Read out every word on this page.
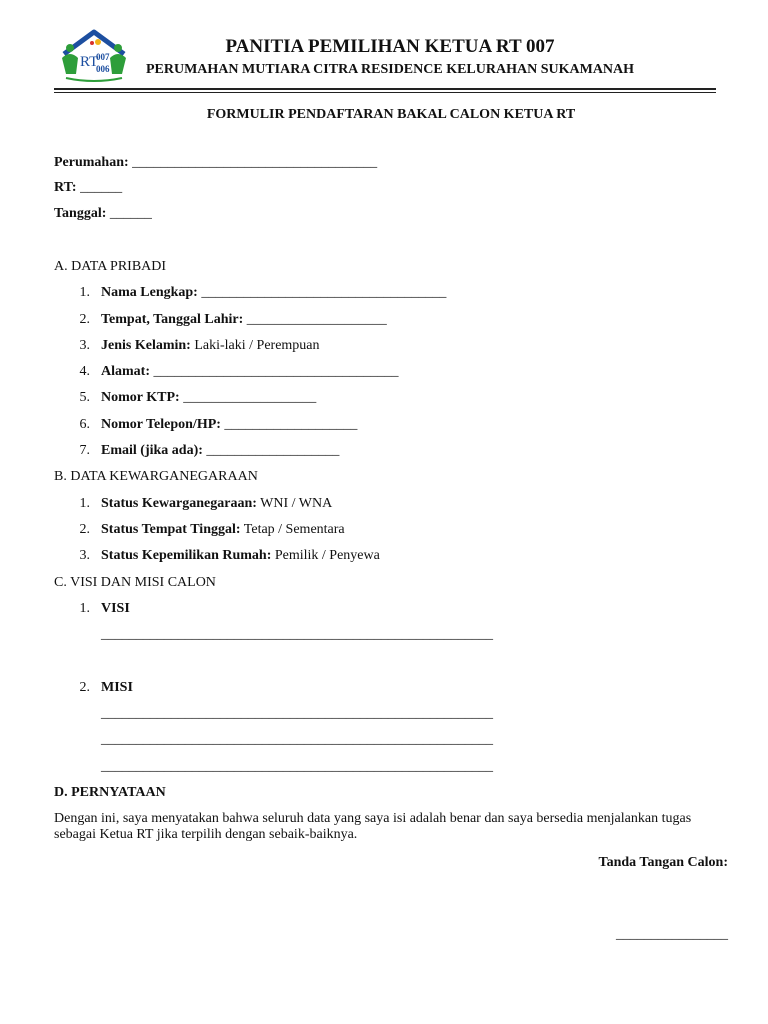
RT
007
006
PANITIA PEMILIHAN KETUA RT 007
PERUMAHAN MUTIARA CITRA RESIDENCE KELURAHAN SUKAMANAH
FORMULIR PENDAFTARAN BAKAL CALON KETUA RT
Perumahan: ___________________________________
RT: ______
Tanggal: ______
A. DATA PRIBADI
1. Nama Lengkap: ___________________________________
2. Tempat, Tanggal Lahir: ____________________
3. Jenis Kelamin: Laki-laki / Perempuan
4. Alamat: ___________________________________
5. Nomor KTP: ___________________
6. Nomor Telepon/HP: ___________________
7. Email (jika ada): ___________________
B. DATA KEWARGANEGARAAN
1. Status Kewarganegaraan: WNI / WNA
2. Status Tempat Tinggal: Tetap / Sementara
3. Status Kepemilikan Rumah: Pemilik / Penyewa
C. VISI DAN MISI CALON
1. VISI
________________________________________________________
2. MISI
________________________________________________________
________________________________________________________
________________________________________________________
D. PERNYATAAN
Dengan ini, saya menyatakan bahwa seluruh data yang saya isi adalah benar dan saya bersedia menjalankan tugas sebagai Ketua RT jika terpilih dengan sebaik-baiknya.
Tanda Tangan Calon:
________________
